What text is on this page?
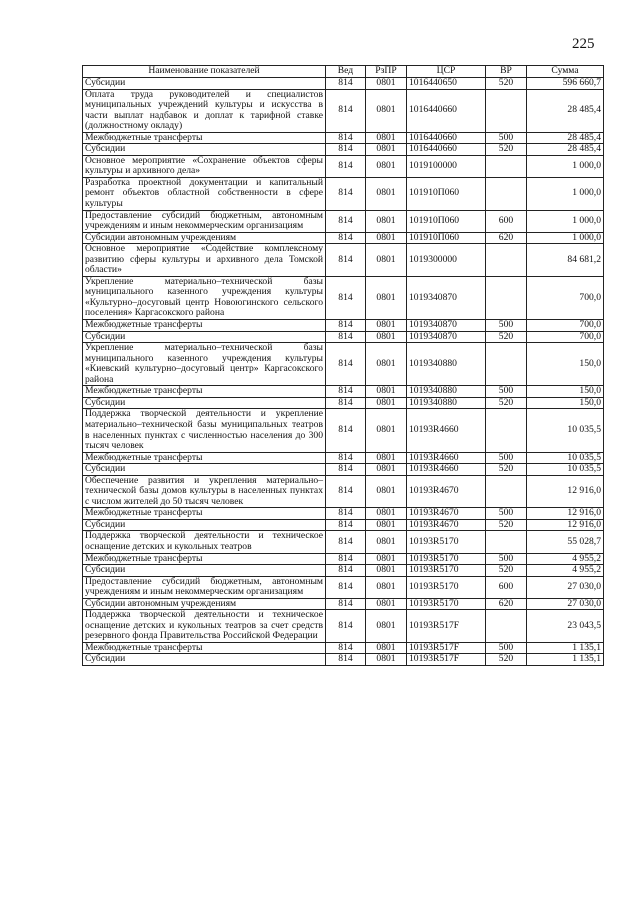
225
Наименование показателей	Вед	РзПР	ЦСР	ВР	Сумма
Субсидии	814	0801	1016440650	520	596 660,7
Оплата труда руководителей и специалистов муниципальных учреждений культуры и искусства в части выплат надбавок и доплат к тарифной ставке (должностному окладу)	814	0801	1016440660		28 485,4
Межбюджетные трансферты	814	0801	1016440660	500	28 485,4
Субсидии	814	0801	1016440660	520	28 485,4
Основное мероприятие «Сохранение объектов сферы культуры и архивного дела»	814	0801	1019100000		1 000,0
Разработка проектной документации и капитальный ремонт объектов областной собственности в сфере культуры	814	0801	101910П060		1 000,0
Предоставление субсидий бюджетным, автономным учреждениям и иным некоммерческим организациям	814	0801	101910П060	600	1 000,0
Субсидии автономным учреждениям	814	0801	101910П060	620	1 000,0
Основное мероприятие «Содействие комплексному развитию сферы культуры и архивного дела Томской области»	814	0801	1019300000		84 681,2
Укрепление материально–технической базы муниципального казенного учреждения культуры «Культурно–досуговый центр Новоюгинского сельского поселения» Каргасокского района	814	0801	1019340870		700,0
Межбюджетные трансферты	814	0801	1019340870	500	700,0
Субсидии	814	0801	1019340870	520	700,0
Укрепление материально–технической базы муниципального казенного учреждения культуры «Киевский культурно–досуговый центр» Каргасокского района	814	0801	1019340880		150,0
Межбюджетные трансферты	814	0801	1019340880	500	150,0
Субсидии	814	0801	1019340880	520	150,0
Поддержка творческой деятельности и укрепление материально–технической базы муниципальных театров в населенных пунктах с численностью населения до 300 тысяч человек	814	0801	10193R4660		10 035,5
Межбюджетные трансферты	814	0801	10193R4660	500	10 035,5
Субсидии	814	0801	10193R4660	520	10 035,5
Обеспечение развития и укрепления материально–технической базы домов культуры в населенных пунктах с числом жителей до 50 тысяч человек	814	0801	10193R4670		12 916,0
Межбюджетные трансферты	814	0801	10193R4670	500	12 916,0
Субсидии	814	0801	10193R4670	520	12 916,0
Поддержка творческой деятельности и техническое оснащение детских и кукольных театров	814	0801	10193R5170		55 028,7
Межбюджетные трансферты	814	0801	10193R5170	500	4 955,2
Субсидии	814	0801	10193R5170	520	4 955,2
Предоставление субсидий бюджетным, автономным учреждениям и иным некоммерческим организациям	814	0801	10193R5170	600	27 030,0
Субсидии автономным учреждениям	814	0801	10193R5170	620	27 030,0
Поддержка творческой деятельности и техническое оснащение детских и кукольных театров за счет средств резервного фонда Правительства Российской Федерации	814	0801	10193R517F		23 043,5
Межбюджетные трансферты	814	0801	10193R517F	500	1 135,1
Субсидии	814	0801	10193R517F	520	1 135,1
